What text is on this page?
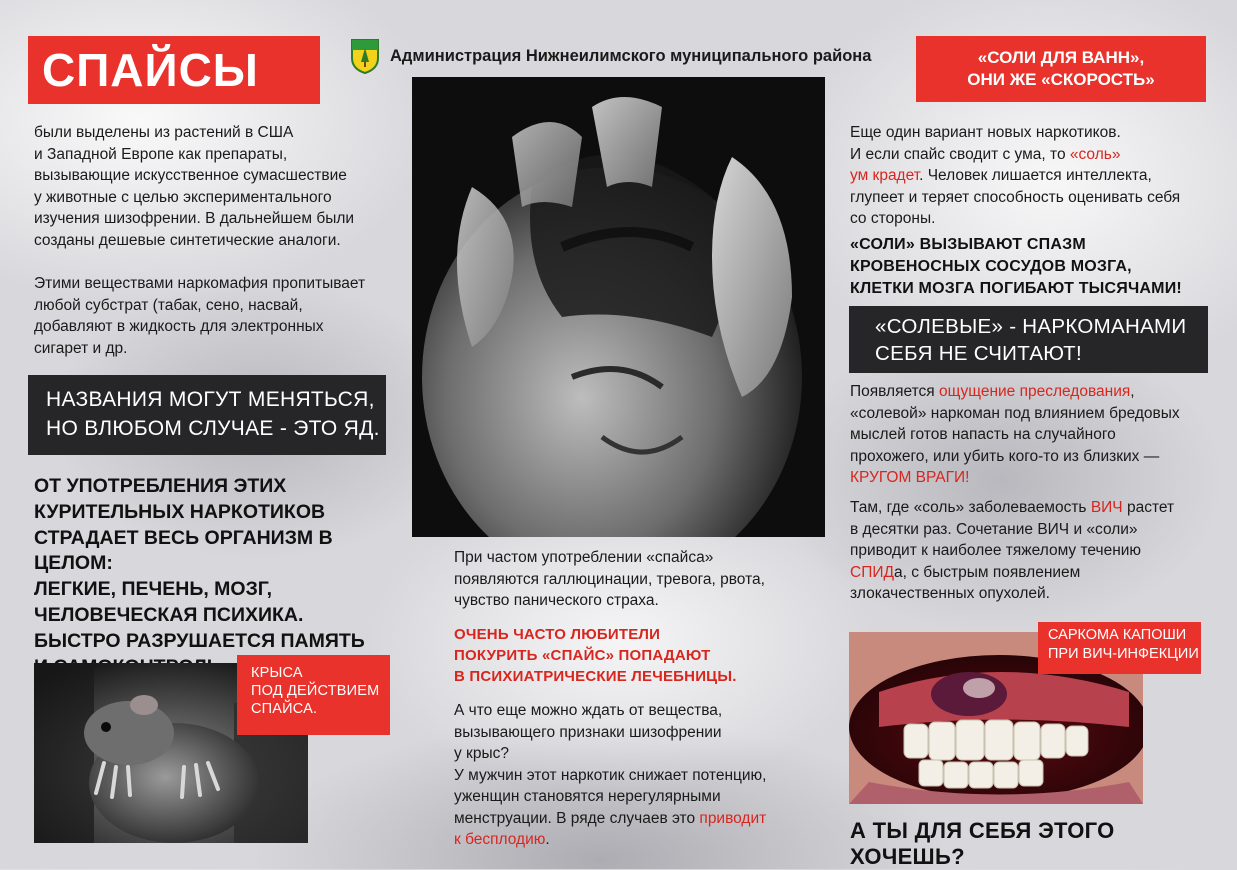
СПАЙСЫ	Администрация Нижнеилимского муниципального района	«СОЛИ ДЛЯ ВАНН»,
ОНИ ЖЕ «СКОРОСТЬ»
были выделены из растений в США
и Западной Европе как препараты,
вызывающие искусственное сумасшествие
у животные с целью экспериментального
изучения шизофрении. В дальнейшем были
созданы дешевые синтетические аналоги.
Этими веществами наркомафия пропитывает
любой субстрат (табак, сено, насвай,
добавляют в жидкость для электронных
сигарет и др.
НАЗВАНИЯ МОГУТ МЕНЯТЬСЯ,
НО ВЛЮБОМ СЛУЧАЕ - ЭТО ЯД.
ОТ УПОТРЕБЛЕНИЯ ЭТИХ
КУРИТЕЛЬНЫХ НАРКОТИКОВ
СТРАДАЕТ ВЕСЬ ОРГАНИЗМ В ЦЕЛОМ:
ЛЕГКИЕ, ПЕЧЕНЬ, МОЗГ,
ЧЕЛОВЕЧЕСКАЯ ПСИХИКА.
БЫСТРО РАЗРУШАЕТСЯ ПАМЯТЬ
КРЫСА
ПОД ДЕЙСТВИЕМ
СПАЙСА.
При частом употреблении «спайса»
появляются галлюцинации, тревога, рвота,
чувство панического страха.
ОЧЕНЬ ЧАСТО ЛЮБИТЕЛИ
ПОКУРИТЬ «СПАЙС» ПОПАДАЮТ
В ПСИХИАТРИЧЕСКИЕ ЛЕЧЕБНИЦЫ.
А что еще можно ждать от вещества,
вызывающего признаки шизофрении
у крыс?
У мужчин этот наркотик снижает потенцию,
уженщин становятся нерегулярными
менструации. В ряде случаев это приводит
к бесплодию.
Еще один вариант новых наркотиков.
И если спайс сводит с ума, то «соль»
ум крадет. Человек лишается интеллекта,
глупеет и теряет способность оценивать себя
со стороны.
«СОЛИ» ВЫЗЫВАЮТ СПАЗМ
КРОВЕНОСНЫХ СОСУДОВ МОЗГА,
КЛЕТКИ МОЗГА ПОГИБАЮТ ТЫСЯЧАМИ!
«СОЛЕВЫЕ» - НАРКОМАНАМИ
СЕБЯ НЕ СЧИТАЮТ!
Появляется ощущение преследования,
«солевой» наркоман под влиянием бредовых
мыслей готов напасть на случайного
прохожего, или убить кого-то из близких —
КРУГОМ ВРАГИ!
Там, где «соль» заболеваемость ВИЧ растет
в десятки раз. Сочетание ВИЧ и «соли»
приводит к наиболее тяжелому течению
СПИДа, с быстрым появлением
злокачественных опухолей.
САРКОМА КАПОШИ
ПРИ ВИЧ-ИНФЕКЦИИ
А ТЫ ДЛЯ СЕБЯ ЭТОГО ХОЧЕШЬ?
